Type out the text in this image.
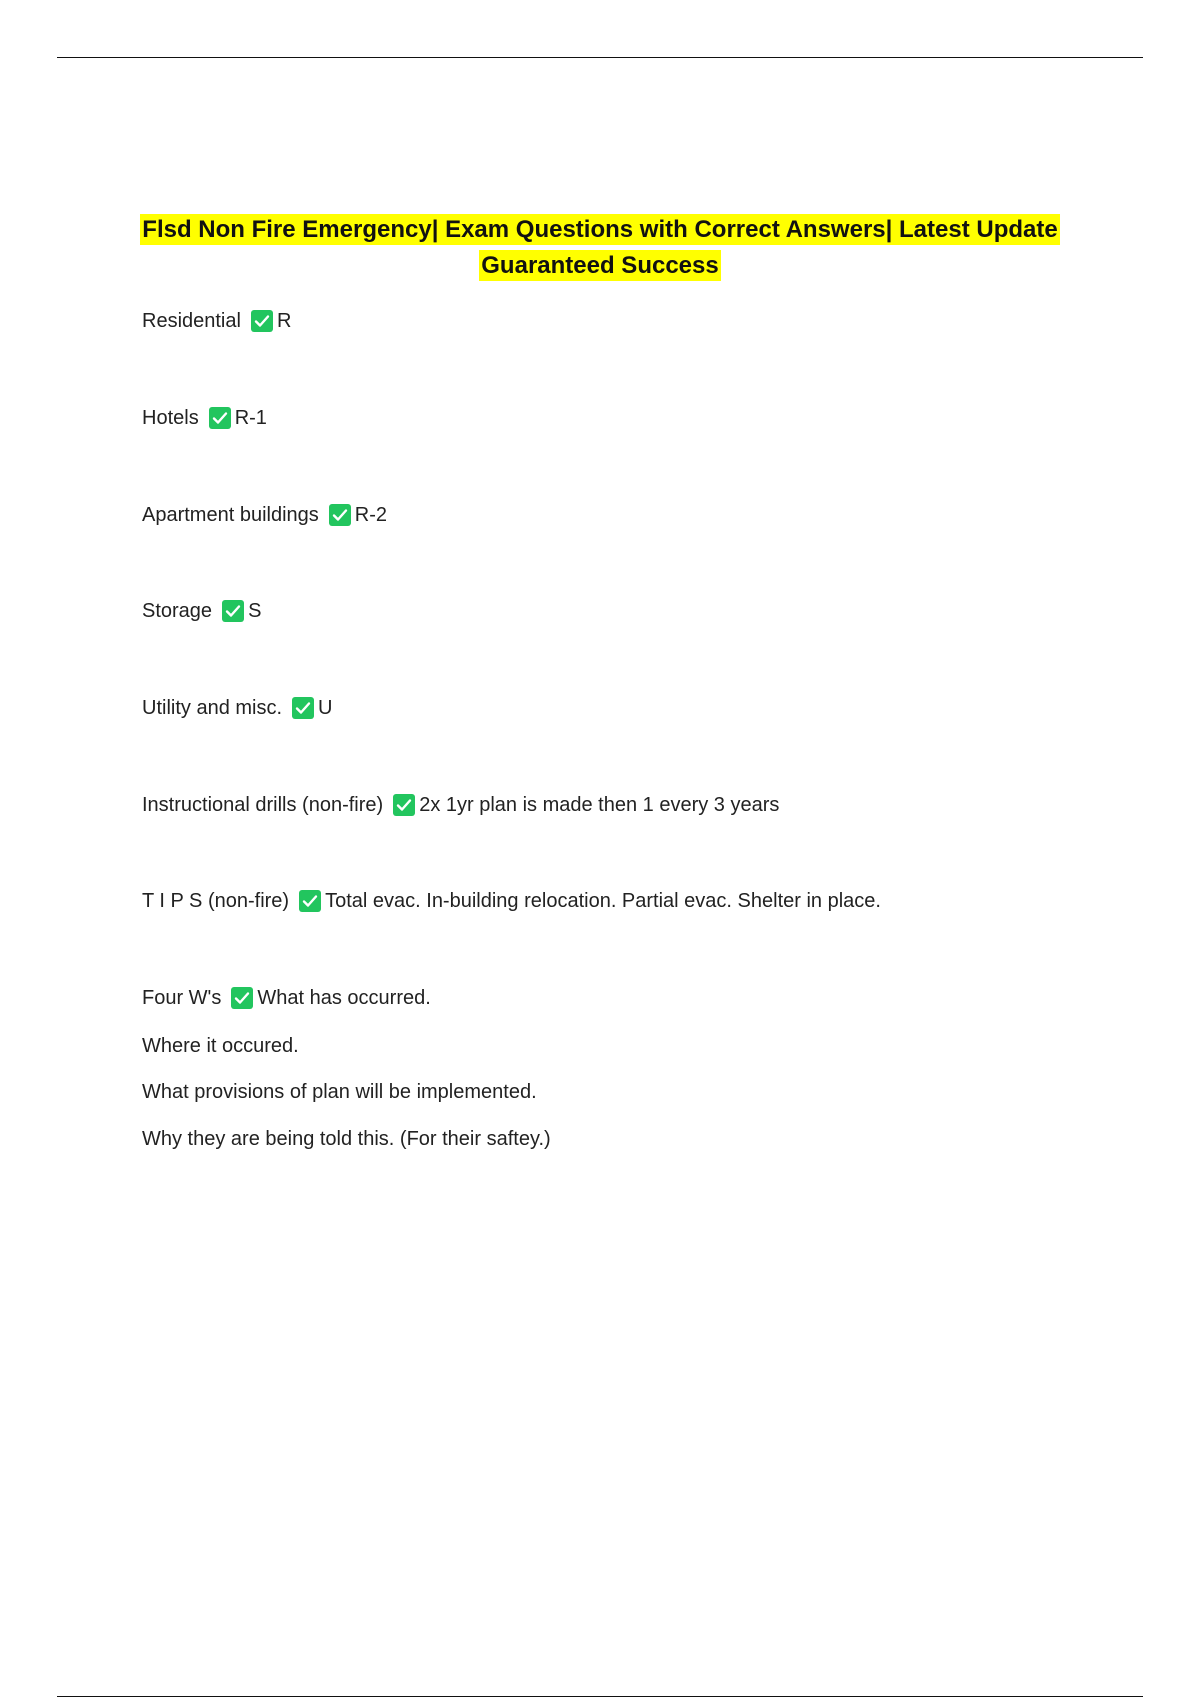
Flsd Non Fire Emergency| Exam Questions with Correct Answers| Latest Update
Guaranteed Success
Residential R
Hotels R-1
Apartment buildings R-2
Storage S
Utility and misc. U
Instructional drills (non-fire) 2x 1yr plan is made then 1 every 3 years
T I P S (non-fire) Total evac. In-building relocation. Partial evac. Shelter in place.
Four W's What has occurred.
Where it occured.
What provisions of plan will be implemented.
Why they are being told this. (For their saftey.)
